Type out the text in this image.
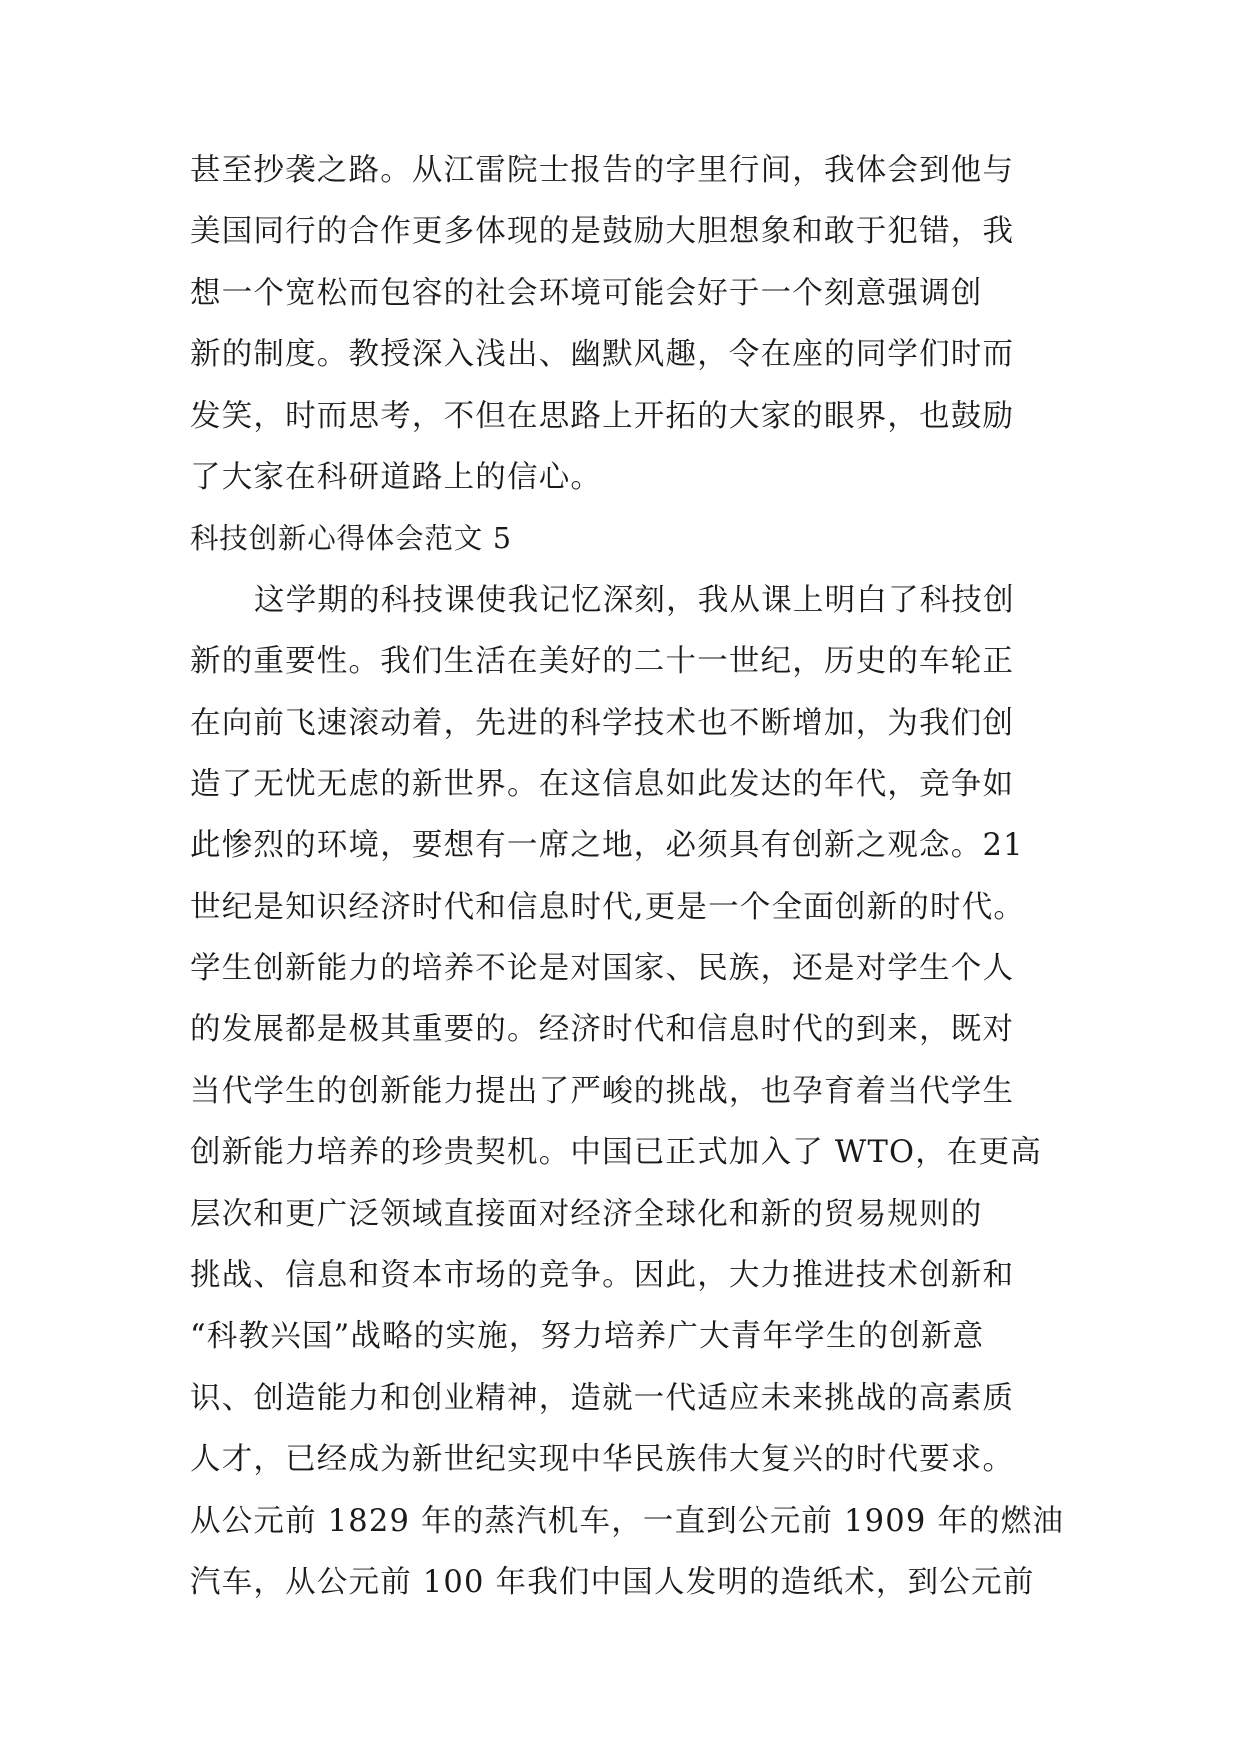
甚至抄袭之路。从江雷院士报告的字里行间，我体会到他与
美国同行的合作更多体现的是鼓励大胆想象和敢于犯错，我
想一个宽松而包容的社会环境可能会好于一个刻意强调创
新的制度。教授深入浅出、幽默风趣，令在座的同学们时而
发笑，时而思考，不但在思路上开拓的大家的眼界，也鼓励
了大家在科研道路上的信心。
科技创新心得体会范文 5
这学期的科技课使我记忆深刻，我从课上明白了科技创
新的重要性。我们生活在美好的二十一世纪，历史的车轮正
在向前飞速滚动着，先进的科学技术也不断增加，为我们创
造了无忧无虑的新世界。在这信息如此发达的年代，竞争如
此惨烈的环境，要想有一席之地，必须具有创新之观念。21
世纪是知识经济时代和信息时代,更是一个全面创新的时代。
学生创新能力的培养不论是对国家、民族，还是对学生个人
的发展都是极其重要的。经济时代和信息时代的到来，既对
当代学生的创新能力提出了严峻的挑战，也孕育着当代学生
创新能力培养的珍贵契机。中国已正式加入了 WTO，在更高
层次和更广泛领域直接面对经济全球化和新的贸易规则的
挑战、信息和资本市场的竞争。因此，大力推进技术创新和
“科教兴国”战略的实施，努力培养广大青年学生的创新意
识、创造能力和创业精神，造就一代适应未来挑战的高素质
人才，已经成为新世纪实现中华民族伟大复兴的时代要求。
从公元前 1829 年的蒸汽机车，一直到公元前 1909 年的燃油
汽车，从公元前 100 年我们中国人发明的造纸术，到公元前
